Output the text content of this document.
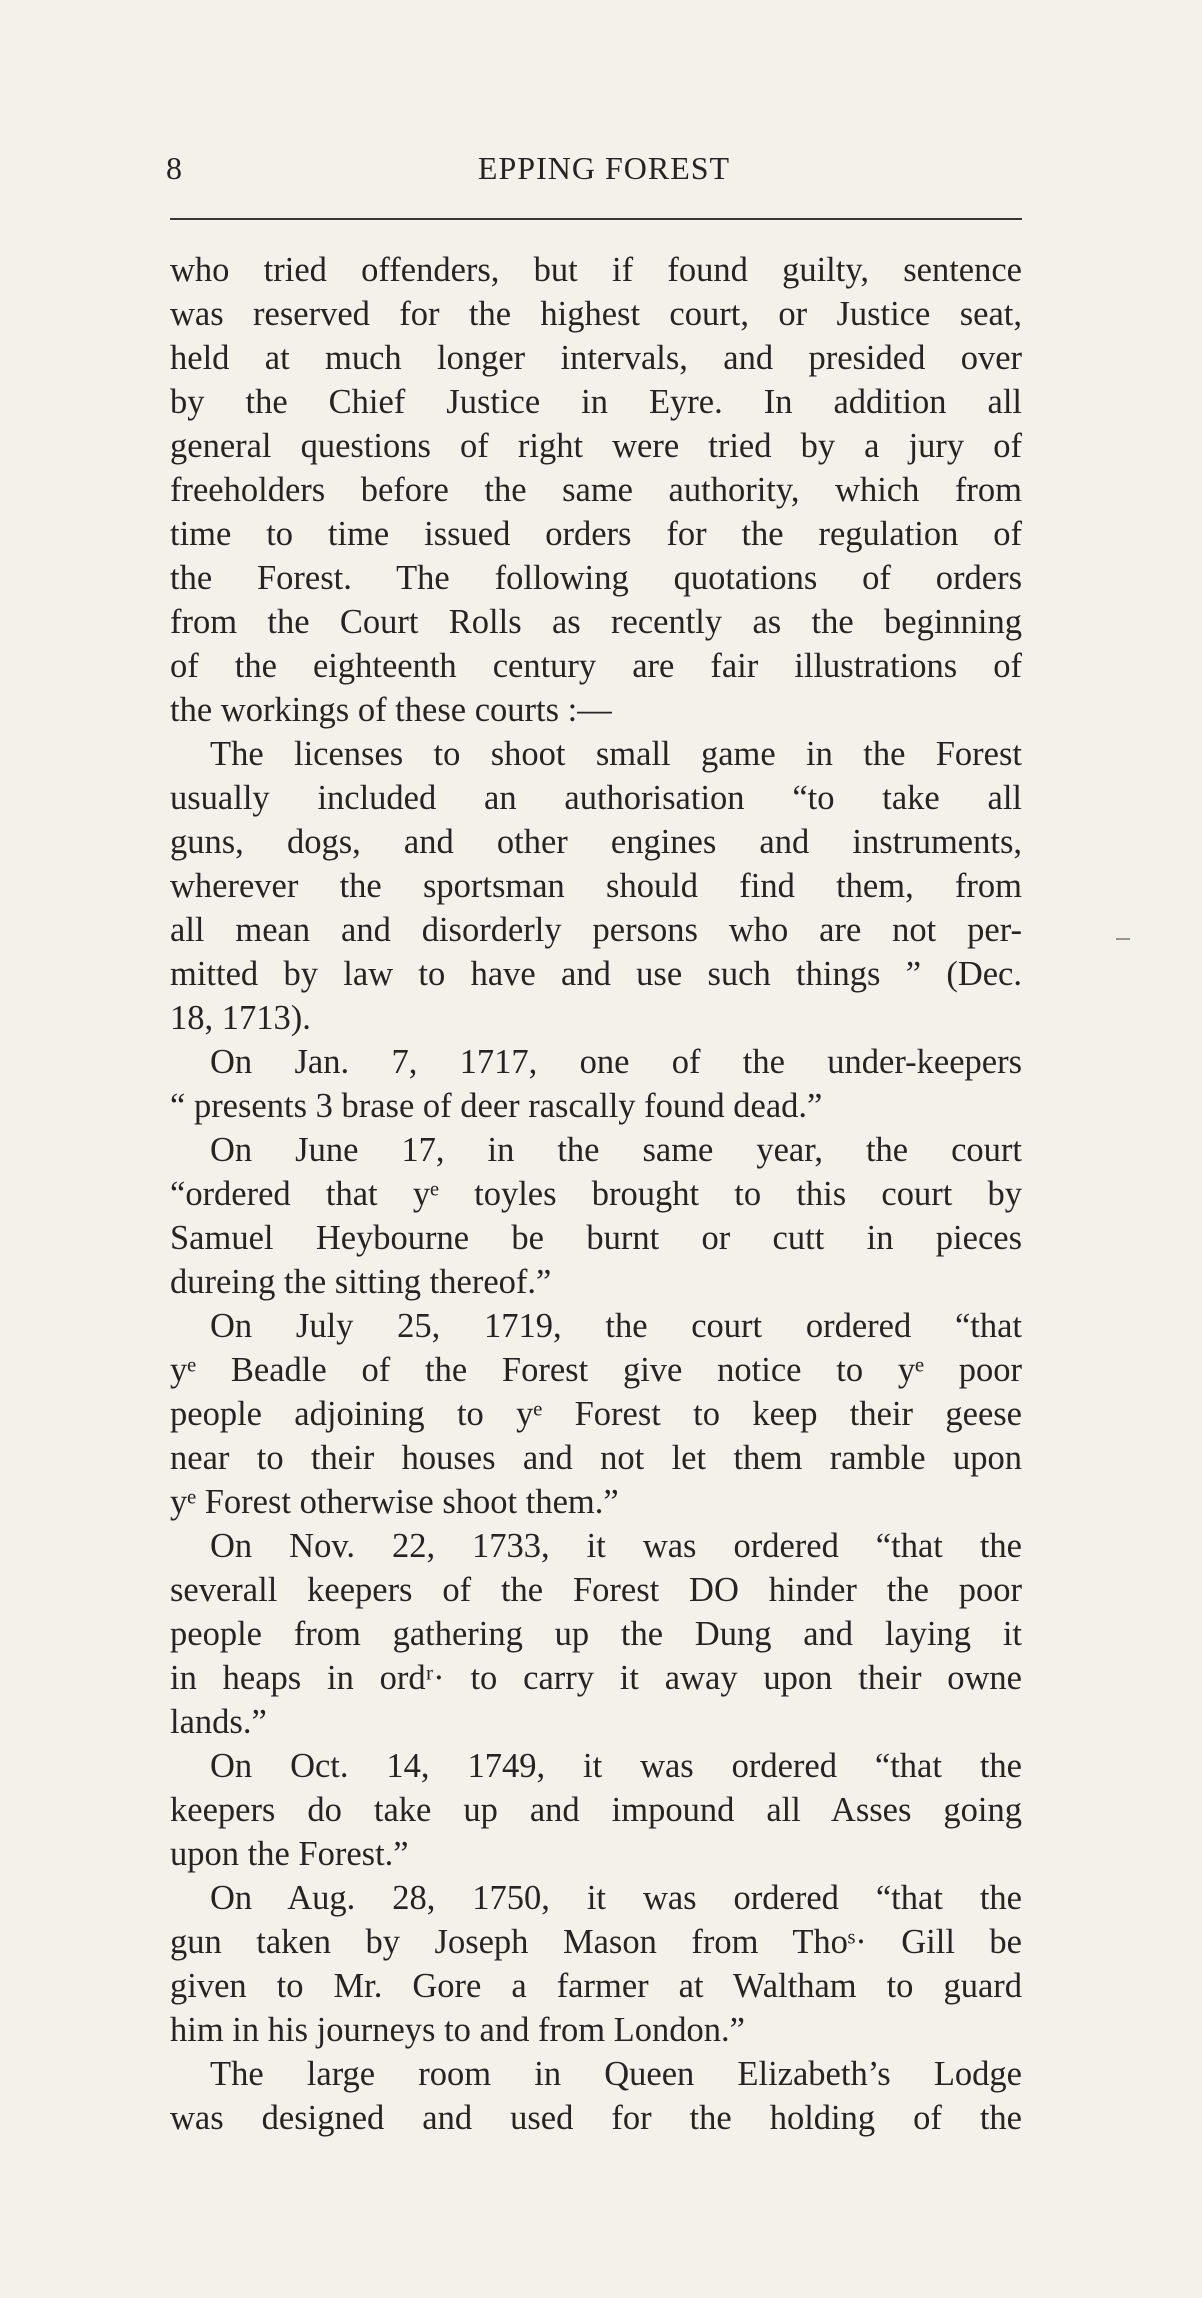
8	EPPING FOREST
who tried offenders, but if found guilty, sentence
was reserved for the highest court, or Justice seat,
held at much longer intervals, and presided over
by the Chief Justice in Eyre. In addition all
general questions of right were tried by a jury of
freeholders before the same authority, which from
time to time issued orders for the regulation of
the Forest. The following quotations of orders
from the Court Rolls as recently as the beginning
of the eighteenth century are fair illustrations of
the workings of these courts :—
The licenses to shoot small game in the Forest
usually included an authorisation “to take all
guns, dogs, and other engines and instruments,
wherever the sportsman should find them, from
all mean and disorderly persons who are not per-
mitted by law to have and use such things ” (Dec.
18, 1713).
On Jan. 7, 1717, one of the under-keepers
“ presents 3 brase of deer rascally found dead.”
On June 17, in the same year, the court
“ordered that yᵉ toyles brought to this court by
Samuel Heybourne be burnt or cutt in pieces
dureing the sitting thereof.”
On July 25, 1719, the court ordered “that
yᵉ Beadle of the Forest give notice to yᵉ poor
people adjoining to yᵉ Forest to keep their geese
near to their houses and not let them ramble upon
yᵉ Forest otherwise shoot them.”
On Nov. 22, 1733, it was ordered “that the
severall keepers of the Forest DO hinder the poor
people from gathering up the Dung and laying it
in heaps in ordʳ· to carry it away upon their owne
lands.”
On Oct. 14, 1749, it was ordered “that the
keepers do take up and impound all Asses going
upon the Forest.”
On Aug. 28, 1750, it was ordered “that the
gun taken by Joseph Mason from Thoˢ· Gill be
given to Mr. Gore a farmer at Waltham to guard
him in his journeys to and from London.”
The large room in Queen Elizabeth’s Lodge
was designed and used for the holding of the
